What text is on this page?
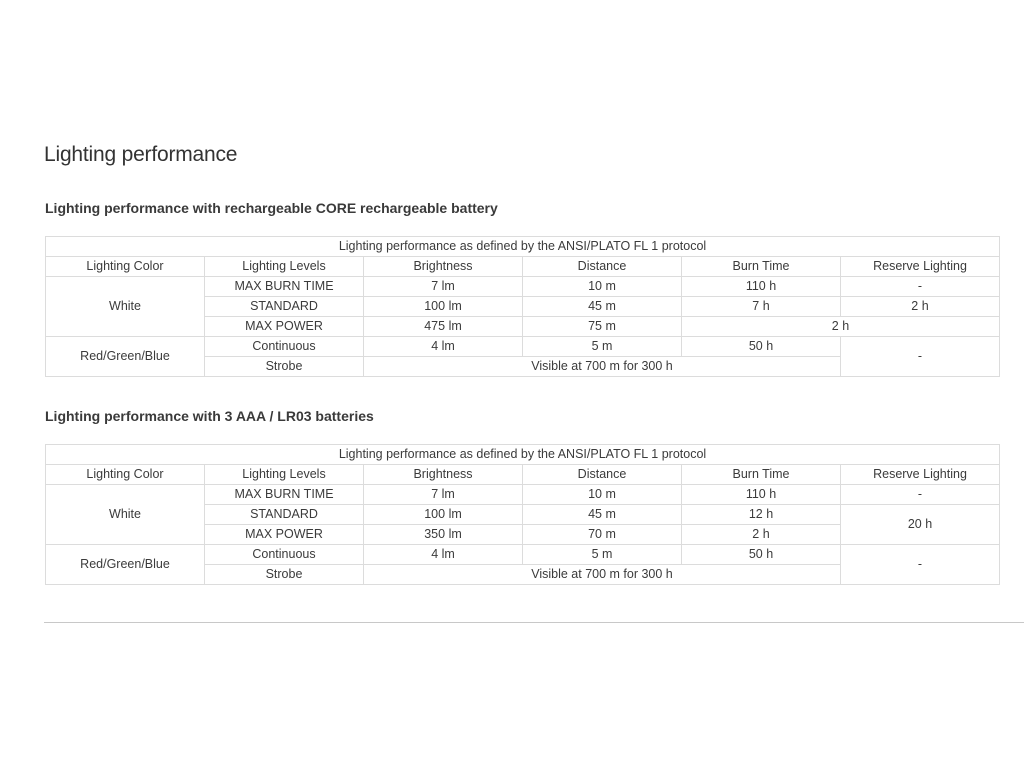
Lighting performance
Lighting performance with rechargeable CORE rechargeable battery
Lighting performance as defined by the ANSI/PLATO FL 1 protocol					
Lighting Color	Lighting Levels	Brightness	Distance	Burn Time	Reserve Lighting
White	MAX BURN TIME	7 lm	10 m	110 h	-
	STANDARD	100 lm	45 m	7 h	2 h
	MAX POWER	475 lm	75 m	2 h	
Red/Green/Blue	Continuous	4 lm	5 m	50 h	-
	Strobe	Visible at 700 m for 300 h			
Lighting performance with 3 AAA / LR03 batteries
Lighting performance as defined by the ANSI/PLATO FL 1 protocol					
Lighting Color	Lighting Levels	Brightness	Distance	Burn Time	Reserve Lighting
White	MAX BURN TIME	7 lm	10 m	110 h	-
	STANDARD	100 lm	45 m	12 h	20 h
	MAX POWER	350 lm	70 m	2 h	
Red/Green/Blue	Continuous	4 lm	5 m	50 h	-
	Strobe	Visible at 700 m for 300 h			
